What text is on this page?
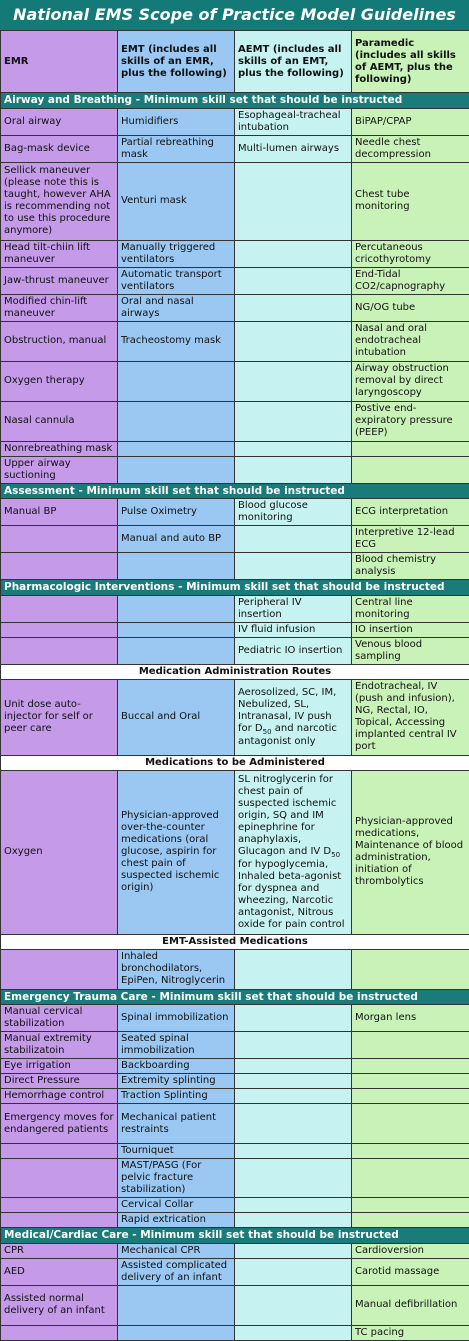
National EMS Scope of Practice Model Guidelines
EMR	EMT (includes all skills of an EMR, plus the following)	AEMT (includes all skills of an EMT, plus the following)	Paramedic (includes all skills of AEMT, plus the following)
Airway and Breathing - Minimum skill set that should be instructed			
Oral airway	Humidifiers	Esophageal-tracheal intubation	BiPAP/CPAP
Bag-mask device	Partial rebreathing mask	Multi-lumen airways	Needle chest decompression
Sellick maneuver (please note this is taught, however AHA is recommending not to use this procedure anymore)	Venturi mask		Chest tube monitoring
Head tilt-chiin lift maneuver	Manually triggered ventilators		Percutaneous cricothyrotomy
Jaw-thrust maneuver	Automatic transport ventilators		End-Tidal CO2/capnography
Modified chin-lift maneuver	Oral and nasal airways		NG/OG tube
Obstruction, manual	Tracheostomy mask		Nasal and oral endotracheal intubation
Oxygen therapy			Airway obstruction removal by direct laryngoscopy
Nasal cannula			Postive end-expiratory pressure (PEEP)
Nonrebreathing mask			
Upper airway suctioning			
Assessment - Minimum skill set that should be instructed			
Manual BP	Pulse Oximetry	Blood glucose monitoring	ECG interpretation
	Manual and auto BP		Interpretive 12-lead ECG
			Blood chemistry analysis
Pharmacologic Interventions - Minimum skill set that should be instructed			
		Peripheral IV insertion	Central line monitoring
		IV fluid infusion	IO insertion
		Pediatric IO insertion	Venous blood sampling
Medication Administration Routes			
Unit dose auto-injector for self or peer care	Buccal and Oral	Aerosolized, SC, IM, Nebulized, SL, Intranasal, IV push for $D_{50}$ and narcotic antagonist only	Endotracheal, IV (push and infusion), NG, Rectal, IO, Topical, Accessing implanted central IV port
Medications to be Administered			
Oxygen	Physician-approved over-the-counter medications (oral glucose, aspirin for chest pain of suspected ischemic origin)	SL nitroglycerin for chest pain of suspected ischemic origin, SQ and IM epinephrine for anaphylaxis, Glucagon and IV $D_{50}$ for hypoglycemia, Inhaled beta-agonist for dyspnea and wheezing, Narcotic antagonist, Nitrous oxide for pain control	Physician-approved medications, Maintenance of blood administration, initiation of thrombolytics
EMT-Assisted Medications			
	Inhaled bronchodilators, EpiPen, Nitroglycerin		
Emergency Trauma Care - Minimum skill set that should be instructed			
Manual cervical stabilization	Spinal immobilization		Morgan lens
Manual extremity stabilizatoin	Seated spinal immobilization		
Eye irrigation	Backboarding		
Direct Pressure	Extremity splinting		
Hemorrhage control	Traction Splinting		
Emergency moves for endangered patients	Mechanical patient restraints		
	Tourniquet		
	MAST/PASG (For pelvic fracture stabilization)		
	Cervical Collar		
	Rapid extrication		
Medical/Cardiac Care - Minimum skill set that should be instructed			
CPR	Mechanical CPR		Cardioversion
AED	Assisted complicated delivery of an infant		Carotid massage
Assisted normal delivery of an infant			Manual defibrillation
			TC pacing
